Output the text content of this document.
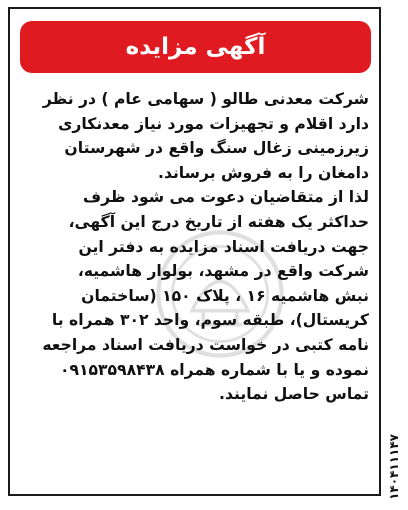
آگهی مزایده
شرکت معدنی طالو ( سهامی عام ) در نظر
دارد اقلام و تجهیزات مورد نیاز معدنکاری
زیرزمینی زغال سنگ واقع در شهرستان
دامغان را به فروش برساند.
لذا از متقاضیان دعوت می شود ظرف
حداکثر یک هفته از تاریخ درج این آگهی،
جهت دریافت اسناد مزایده به دفتر این
شرکت واقع در مشهد، بولوار هاشمیه،
نبش هاشمیه ۱۶ ، پلاک ۱۵۰ (ساختمان
کریستال)، طبقه سوم، واحد ۳۰۲ همراه با
نامه کتبی در خواست دریافت اسناد مراجعه
نموده و یا با شماره همراه ۰۹۱۵۳۵۹۸۴۳۸
تماس حاصل نمایند.
۱۴۰۴۱۱۱۴۷
